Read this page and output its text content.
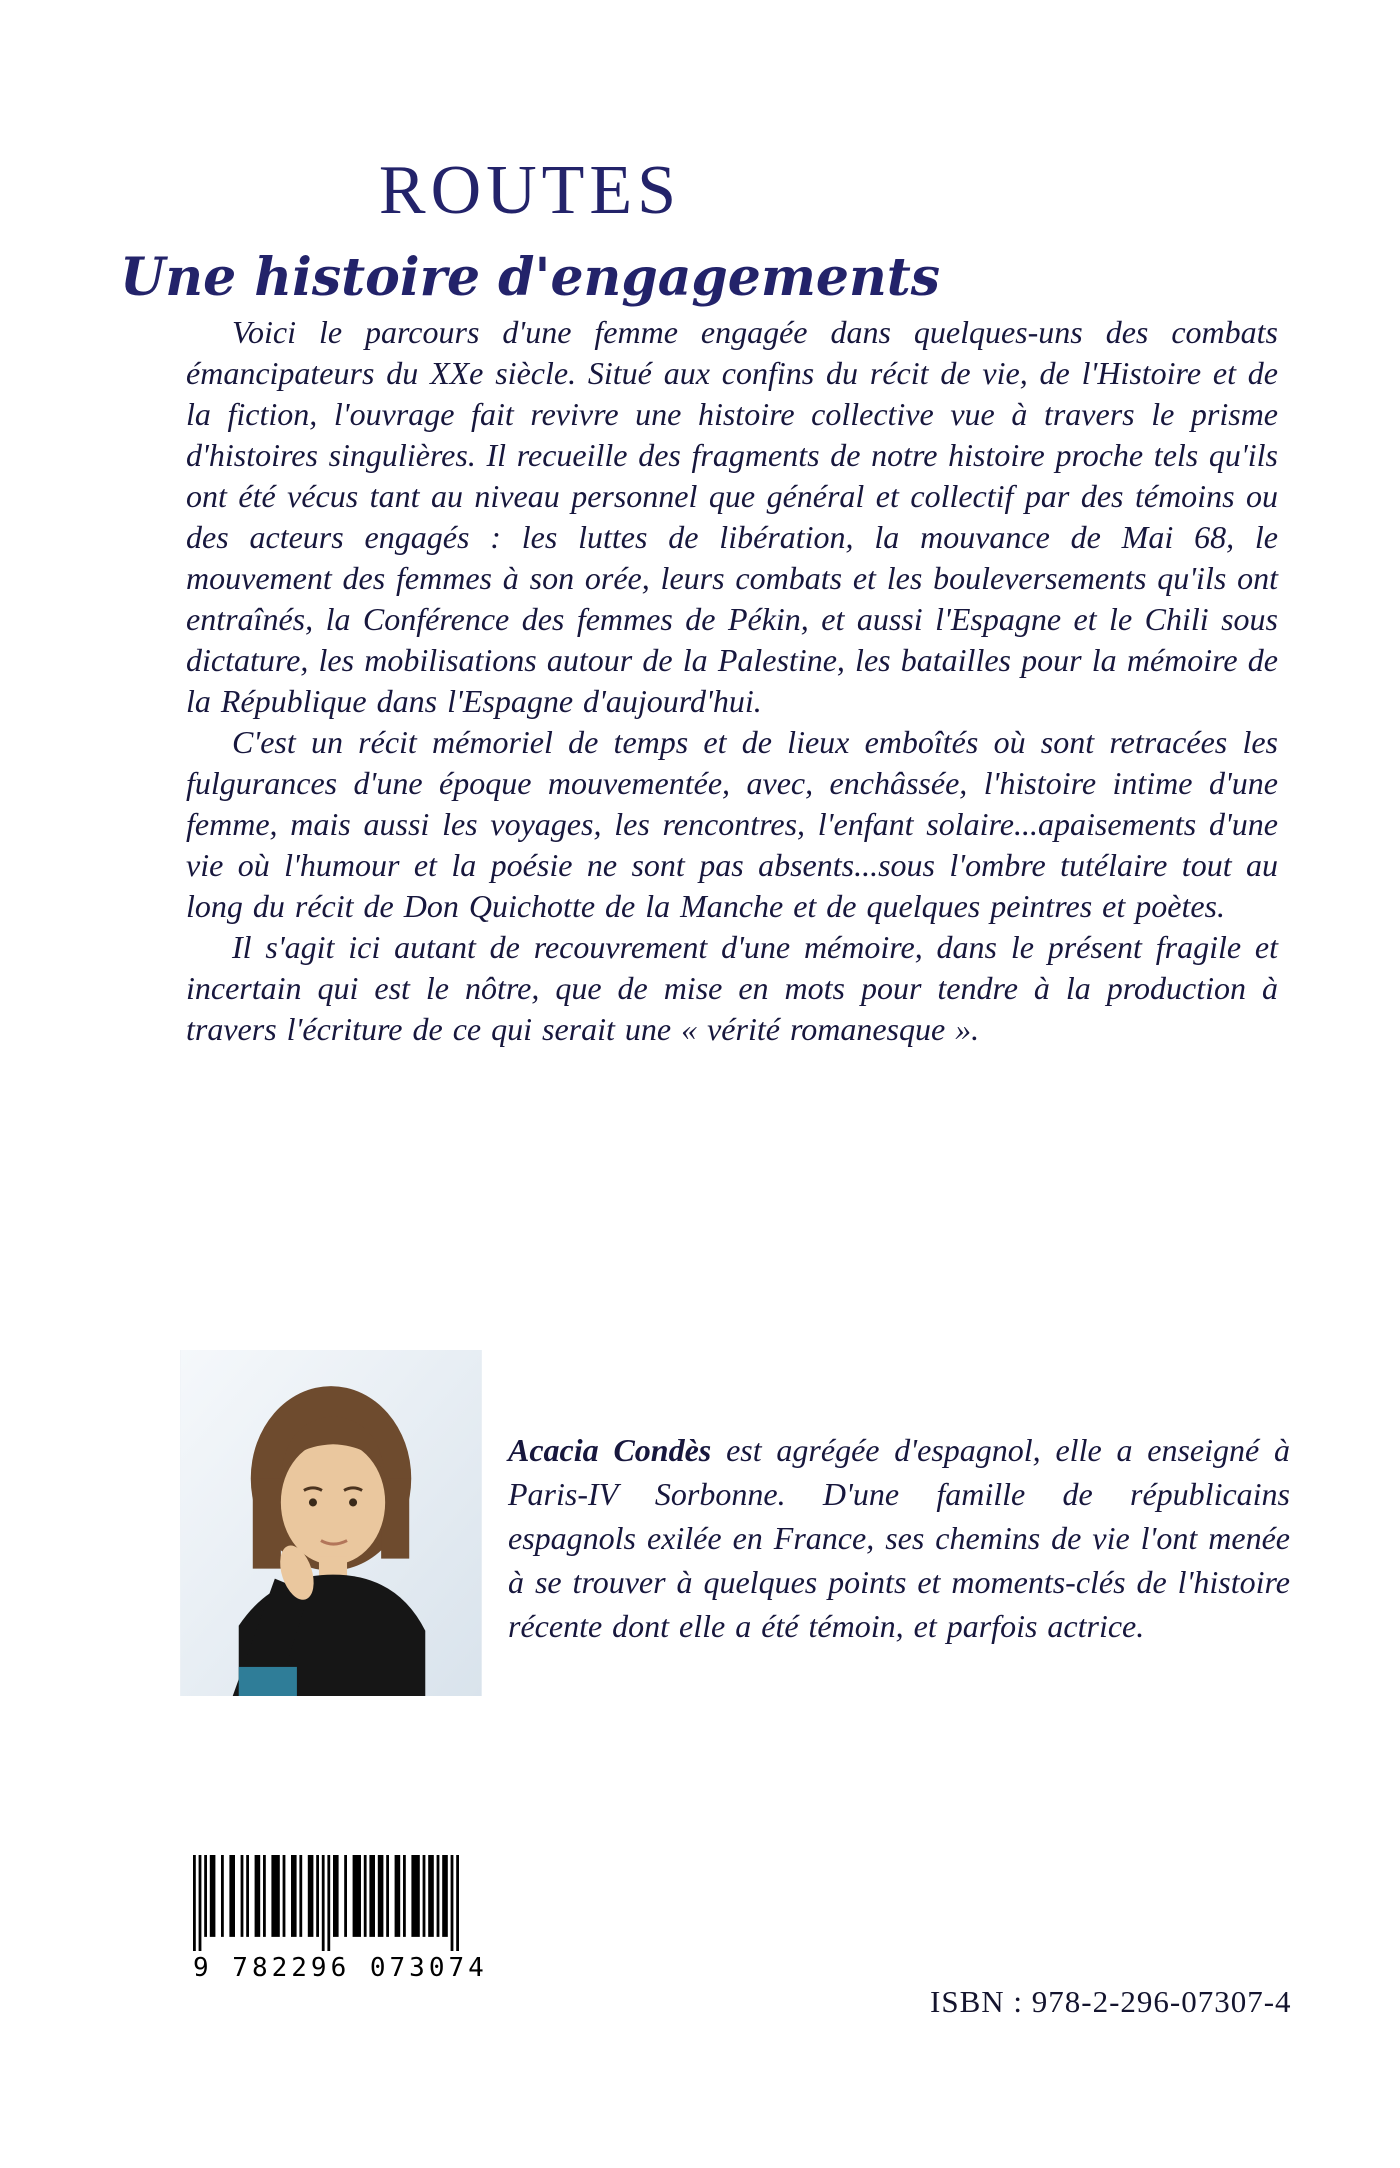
ROUTES
Une histoire d'engagements

Voici le parcours d'une femme engagée dans quelques-uns des combats émancipateurs du XXe siècle. Situé aux confins du récit de vie, de l'Histoire et de la fiction, l'ouvrage fait revivre une histoire collective vue à travers le prisme d'histoires singulières. Il recueille des fragments de notre histoire proche tels qu'ils ont été vécus tant au niveau personnel que général et collectif par des témoins ou des acteurs engagés : les luttes de libération, la mouvance de Mai 68, le mouvement des femmes à son orée, leurs combats et les bouleversements qu'ils ont entraînés, la Conférence des femmes de Pékin, et aussi l'Espagne et le Chili sous dictature, les mobilisations autour de la Palestine, les batailles pour la mémoire de la République dans l'Espagne d'aujourd'hui.

C'est un récit mémoriel de temps et de lieux emboîtés où sont retracées les fulgurances d'une époque mouvementée, avec, enchâssée, l'histoire intime d'une femme, mais aussi les voyages, les rencontres, l'enfant solaire...apaisements d'une vie où l'humour et la poésie ne sont pas absents...sous l'ombre tutélaire tout au long du récit de Don Quichotte de la Manche et de quelques peintres et poètes.

Il s'agit ici autant de recouvrement d'une mémoire, dans le présent fragile et incertain qui est le nôtre, que de mise en mots pour tendre à la production à travers l'écriture de ce qui serait une « vérité romanesque ».

Acacia Condès est agrégée d'espagnol, elle a enseigné à Paris-IV Sorbonne. D'une famille de républicains espagnols exilée en France, ses chemins de vie l'ont menée à se trouver à quelques points et moments-clés de l'histoire récente dont elle a été témoin, et parfois actrice.

9 782296 073074
ISBN : 978-2-296-07307-4
